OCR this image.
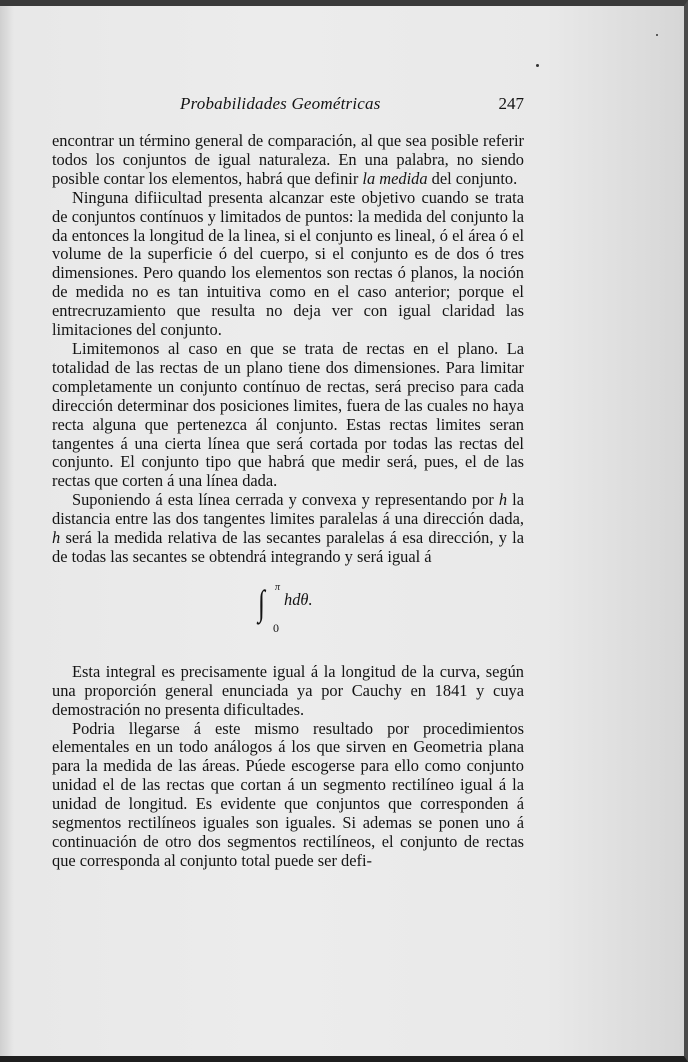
Probabilidades Geométricas	247

encontrar un término general de comparación, al que sea posible referir todos los conjuntos de igual naturaleza. En una palabra, no siendo posible contar los elementos, habrá que definir la medida del conjunto.

Ninguna difiicultad presenta alcanzar este objetivo cuando se trata de conjuntos contínuos y limitados de puntos: la medida del conjunto la da entonces la longitud de la linea, si el conjunto es lineal, ó el área ó el volume de la superficie ó del cuerpo, si el conjunto es de dos ó tres dimensiones. Pero quando los elementos son rectas ó planos, la noción de medida no es tan intuitiva como en el caso anterior; porque el entrecruzamiento que resulta no deja ver con igual claridad las limitaciones del conjunto.

Limitemonos al caso en que se trata de rectas en el plano. La totalidad de las rectas de un plano tiene dos dimensiones. Para limitar completamente un conjunto contínuo de rectas, será preciso para cada dirección determinar dos posiciones limites, fuera de las cuales no haya recta alguna que pertenezca ál conjunto. Estas rectas limites seran tangentes á una cierta línea que será cortada por todas las rectas del conjunto. El conjunto tipo que habrá que medir será, pues, el de las rectas que corten á una línea dada.

Suponiendo á esta línea cerrada y convexa y representando por h la distancia entre las dos tangentes limites paralelas á una dirección dada, h será la medida relativa de las secantes paralelas á esa dirección, y la de todas las secantes se obtendrá integrando y será igual á

∫ π
0
hdθ.

Esta integral es precisamente igual á la longitud de la curva, según una proporción general enunciada ya por Cauchy en 1841 y cuya demostración no presenta dificultades.

Podria llegarse á este mismo resultado por procedimientos elementales en un todo análogos á los que sirven en Geometria plana para la medida de las áreas. Púede escogerse para ello como conjunto unidad el de las rectas que cortan á un segmento rectilíneo igual á la unidad de longitud. Es evidente que conjuntos que corresponden á segmentos rectilíneos iguales son iguales. Si ademas se ponen uno á continuación de otro dos segmentos rectilíneos, el conjunto de rectas que corresponda al conjunto total puede ser defi-
